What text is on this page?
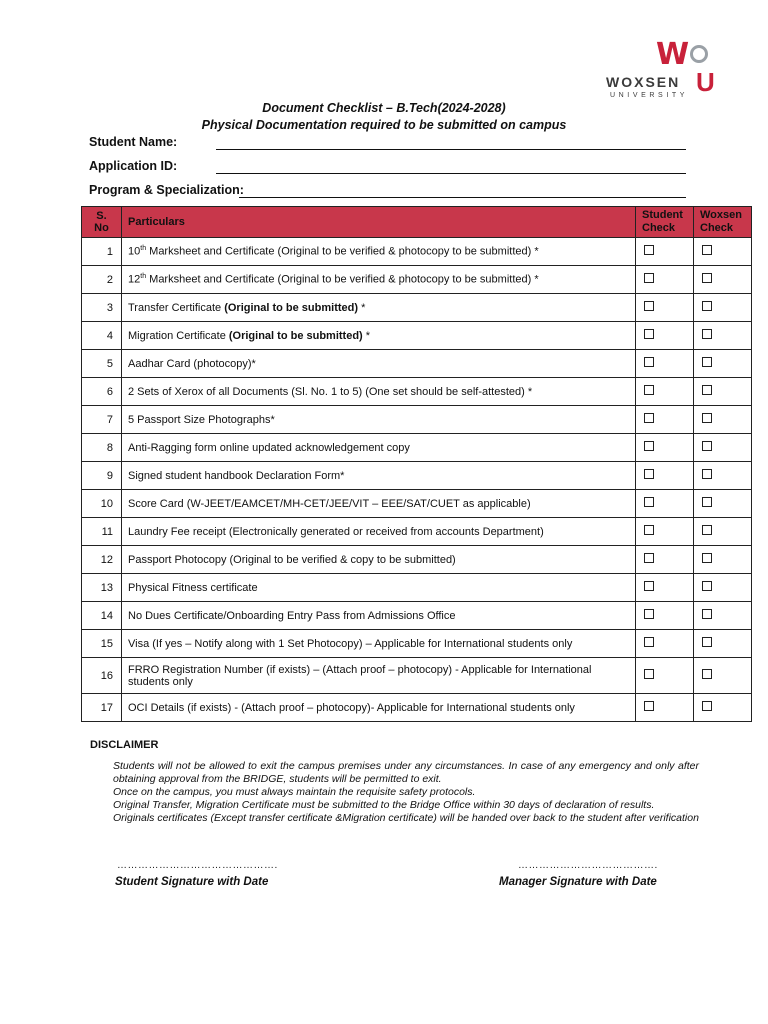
W
WOXSEN U
UNIVERSITY
Document Checklist – B.Tech(2024-2028)
Physical Documentation required to be submitted on campus
Student Name:
Application ID:
Program & Specialization:
S. No	Particulars	Student Check	Woxsen Check
1	10th Marksheet and Certificate (Original to be verified & photocopy to be submitted) *		
2	12th Marksheet and Certificate (Original to be verified & photocopy to be submitted) *		
3	Transfer Certificate (Original to be submitted) *		
4	Migration Certificate (Original to be submitted) *		
5	Aadhar Card (photocopy)*		
6	2 Sets of Xerox of all Documents (Sl. No. 1 to 5) (One set should be self-attested) *		
7	5 Passport Size Photographs*		
8	Anti-Ragging form online updated acknowledgement copy		
9	Signed student handbook Declaration Form*		
10	Score Card (W-JEET/EAMCET/MH-CET/JEE/VIT – EEE/SAT/CUET as applicable)		
11	Laundry Fee receipt (Electronically generated or received from accounts Department)		
12	Passport Photocopy (Original to be verified & copy to be submitted)		
13	Physical Fitness certificate		
14	No Dues Certificate/Onboarding Entry Pass from Admissions Office		
15	Visa (If yes – Notify along with 1 Set Photocopy) – Applicable for International students only		
16	FRRO Registration Number (if exists) – (Attach proof – photocopy) - Applicable for International students only		
17	OCI Details (if exists) - (Attach proof – photocopy)- Applicable for International students only		
DISCLAIMER
Students will not be allowed to exit the campus premises under any circumstances. In case of any emergency and only after obtaining approval from the BRIDGE, students will be permitted to exit.
Once on the campus, you must always maintain the requisite safety protocols.
Original Transfer, Migration Certificate must be submitted to the Bridge Office within 30 days of declaration of results.
Originals certificates (Except transfer certificate &Migration certificate) will be handed over back to the student after verification
……………………………………….	………………………………….
Student Signature with Date	Manager Signature with Date
